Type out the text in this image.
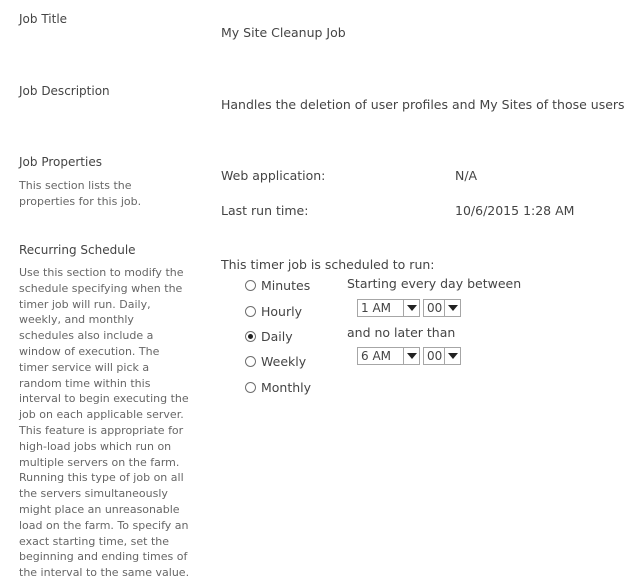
Job Title
My Site Cleanup Job
Job Description
Handles the deletion of user profiles and My Sites of those users
Job Properties
This section lists the properties for this job.
Web application:	N/A
Last run time:	10/6/2015 1:28 AM
Recurring Schedule
Use this section to modify the schedule specifying when the timer job will run. Daily, weekly, and monthly schedules also include a window of execution. The timer service will pick a random time within this interval to begin executing the job on each applicable server. This feature is appropriate for high-load jobs which run on multiple servers on the farm. Running this type of job on all the servers simultaneously might place an unreasonable load on the farm. To specify an exact starting time, set the beginning and ending times of the interval to the same value.
This timer job is scheduled to run:
Minutes
Hourly
Daily
Weekly
Monthly
Starting every day between
1 AM	00
and no later than
6 AM	00
